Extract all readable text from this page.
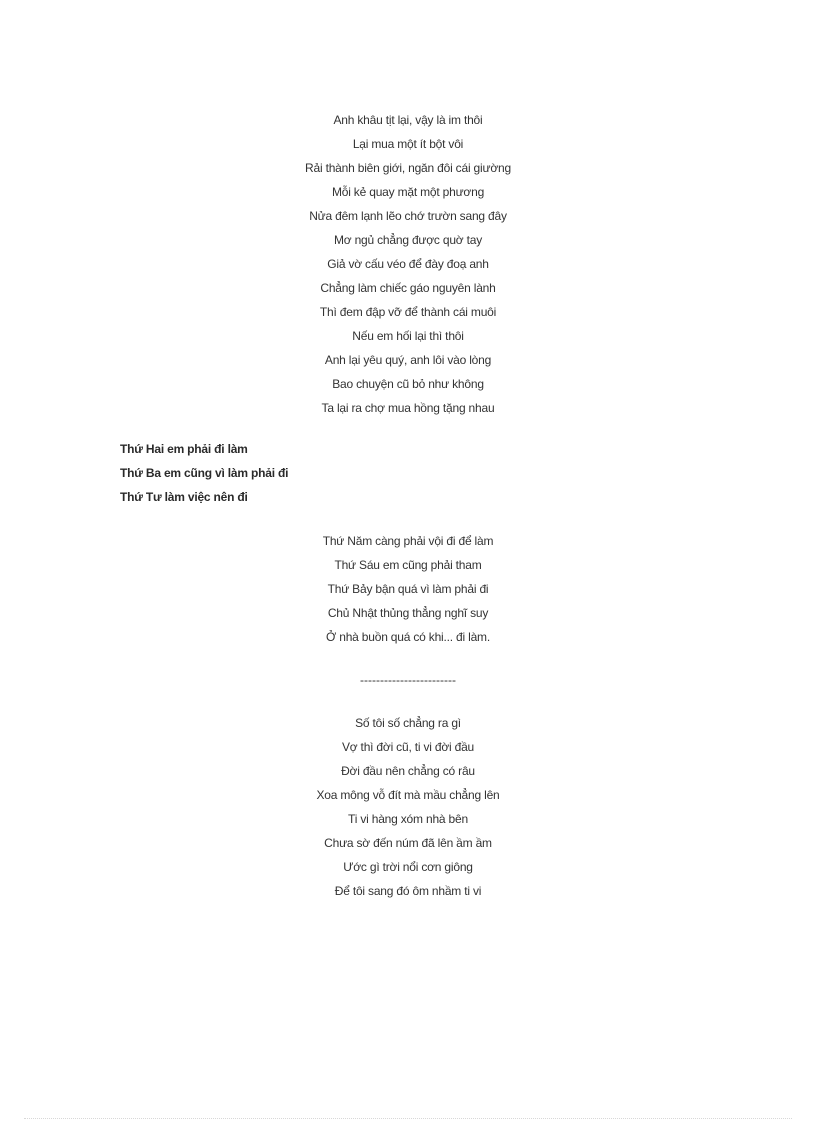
Anh khâu tịt lại, vậy là im thôi
Lại mua một ít bột vôi
Rải thành biên giới, ngăn đôi cái giường
Mỗi kẻ quay mặt một phương
Nửa đêm lạnh lẽo chớ trườn sang đây
Mơ ngủ chẳng được quờ tay
Giả vờ cấu véo để đày đoạ anh
Chẳng làm chiếc gáo nguyên lành
Thì đem đập vỡ để thành cái muôi
Nếu em hối lại thì thôi
Anh lại yêu quý, anh lôi vào lòng
Bao chuyện cũ bỏ như không
Ta lại ra chợ mua hồng tặng nhau
Thứ Hai em phải đi làm
Thứ Ba em cũng vì làm phải đi
Thứ Tư làm việc nên đi
Thứ Năm càng phải vội đi để làm
Thứ Sáu em cũng phải tham
Thứ Bảy bận quá vì làm phải đi
Chủ Nhật thủng thẳng nghĩ suy
Ở nhà buồn quá có khi... đi làm.
------------------------
Số tôi số chẳng ra gì
Vợ thì đời cũ, ti vi đời đầu
Đời đầu nên chẳng có râu
Xoa mông vỗ đít mà mầu chẳng lên
Ti vi hàng xóm nhà bên
Chưa sờ đến núm đã lên ầm ầm
Ước gì trời nổi cơn giông
Để tôi sang đó ôm nhầm ti vi
